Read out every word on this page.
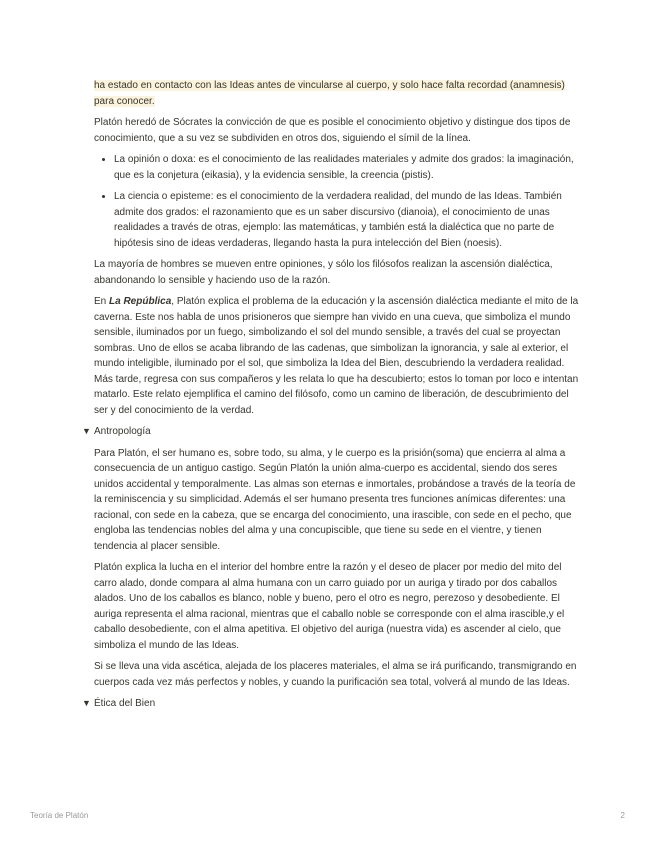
ha estado en contacto con las Ideas antes de vincularse al cuerpo, y solo hace falta recordad (anamnesis) para conocer.

Platón heredó de Sócrates la convicción de que es posible el conocimiento objetivo y distingue dos tipos de conocimiento, que a su vez se subdividen en otros dos, siguiendo el símil de la línea.

• La opinión o doxa: es el conocimiento de las realidades materiales y admite dos grados: la imaginación, que es la conjetura (eikasia), y la evidencia sensible, la creencia (pistis).
• La ciencia o episteme: es el conocimiento de la verdadera realidad, del mundo de las Ideas. También admite dos grados: el razonamiento que es un saber discursivo (dianoia), el conocimiento de unas realidades a través de otras, ejemplo: las matemáticas, y también está la dialéctica que no parte de hipótesis sino de ideas verdaderas, llegando hasta la pura intelección del Bien (noesis).

La mayoría de hombres se mueven entre opiniones, y sólo los filósofos realizan la ascensión dialéctica, abandonando lo sensible y haciendo uso de la razón.

En La República, Platón explica el problema de la educación y la ascensión dialéctica mediante el mito de la caverna. Este nos habla de unos prisioneros que siempre han vivido en una cueva, que simboliza el mundo sensible, iluminados por un fuego, simbolizando el sol del mundo sensible, a través del cual se proyectan sombras. Uno de ellos se acaba librando de las cadenas, que simbolizan la ignorancia, y sale al exterior, el mundo inteligible, iluminado por el sol, que simboliza la Idea del Bien, descubriendo la verdadera realidad. Más tarde, regresa con sus compañeros y les relata lo que ha descubierto; estos lo toman por loco e intentan matarlo. Este relato ejemplifica el camino del filósofo, como un camino de liberación, de descubrimiento del ser y del conocimiento de la verdad.

▼ Antropología

Para Platón, el ser humano es, sobre todo, su alma, y le cuerpo es la prisión(soma) que encierra al alma a consecuencia de un antiguo castigo. Según Platón la unión alma-cuerpo es accidental, siendo dos seres unidos accidental y temporalmente. Las almas son eternas e inmortales, probándose a través de la teoría de la reminiscencia y su simplicidad. Además el ser humano presenta tres funciones anímicas diferentes: una racional, con sede en la cabeza, que se encarga del conocimiento, una irascible, con sede en el pecho, que engloba las tendencias nobles del alma y una concupiscible, que tiene su sede en el vientre, y tienen tendencia al placer sensible.

Platón explica la lucha en el interior del hombre entre la razón y el deseo de placer por medio del mito del carro alado, donde compara al alma humana con un carro guiado por un auriga y tirado por dos caballos alados. Uno de los caballos es blanco, noble y bueno, pero el otro es negro, perezoso y desobediente. El auriga representa el alma racional, mientras que el caballo noble se corresponde con el alma irascible,y el caballo desobediente, con el alma apetitiva. El objetivo del auriga (nuestra vida) es ascender al cielo, que simboliza el mundo de las Ideas.

Si se lleva una vida ascética, alejada de los placeres materiales, el alma se irá purificando, transmigrando en cuerpos cada vez más perfectos y nobles, y cuando la purificación sea total, volverá al mundo de las Ideas.

▼ Ética del Bien
Teoría de Platón	2
